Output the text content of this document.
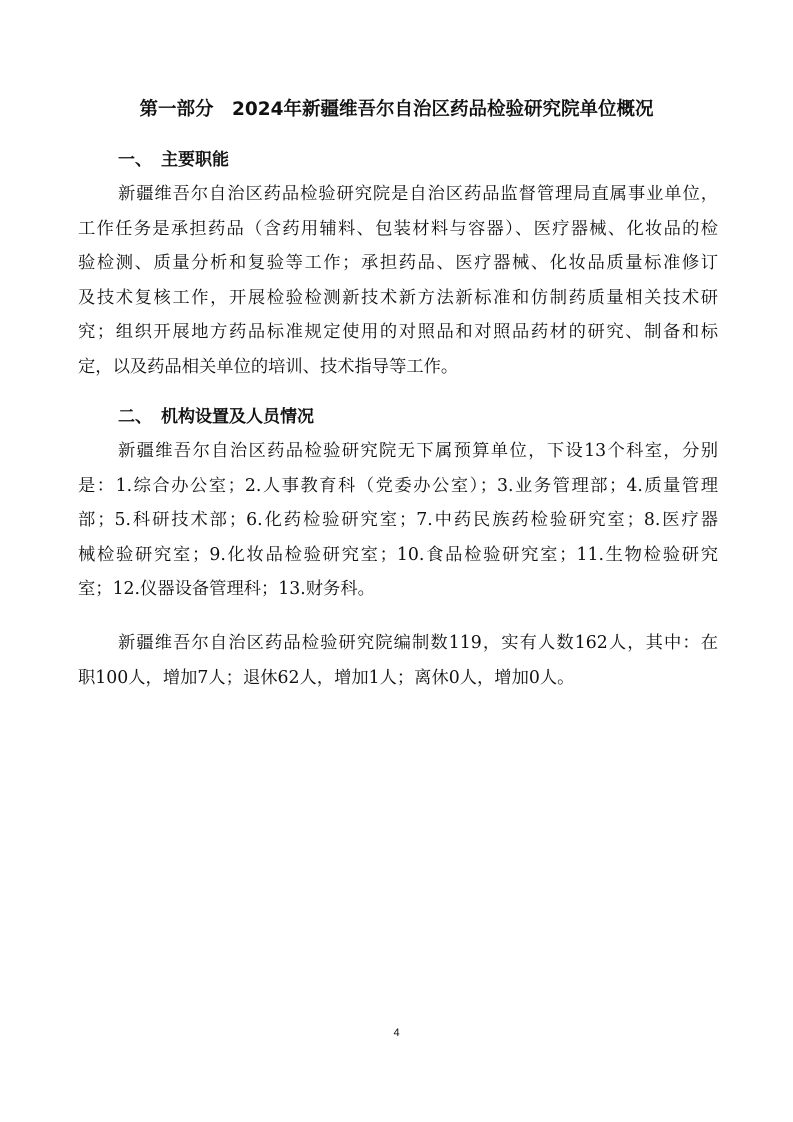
第一部分　2024年新疆维吾尔自治区药品检验研究院单位概况
一、 主要职能
新疆维吾尔自治区药品检验研究院是自治区药品监督管理局直属事业单位，
工作任务是承担药品（含药用辅料、包装材料与容器）、医疗器械、化妆品的检
验检测、质量分析和复验等工作；承担药品、医疗器械、化妆品质量标准修订
及技术复核工作，开展检验检测新技术新方法新标准和仿制药质量相关技术研
究；组织开展地方药品标准规定使用的对照品和对照品药材的研究、制备和标
定，以及药品相关单位的培训、技术指导等工作。
二、 机构设置及人员情况
新疆维吾尔自治区药品检验研究院无下属预算单位，下设13个科室，分别
是：1.综合办公室；2.人事教育科（党委办公室）；3.业务管理部；4.质量管理
部；5.科研技术部；6.化药检验研究室；7.中药民族药检验研究室；8.医疗器
械检验研究室；9.化妆品检验研究室；10.食品检验研究室；11.生物检验研究
室；12.仪器设备管理科；13.财务科。
新疆维吾尔自治区药品检验研究院编制数119，实有人数162人，其中：在
职100人，增加7人；退休62人，增加1人；离休0人，增加0人。
4
